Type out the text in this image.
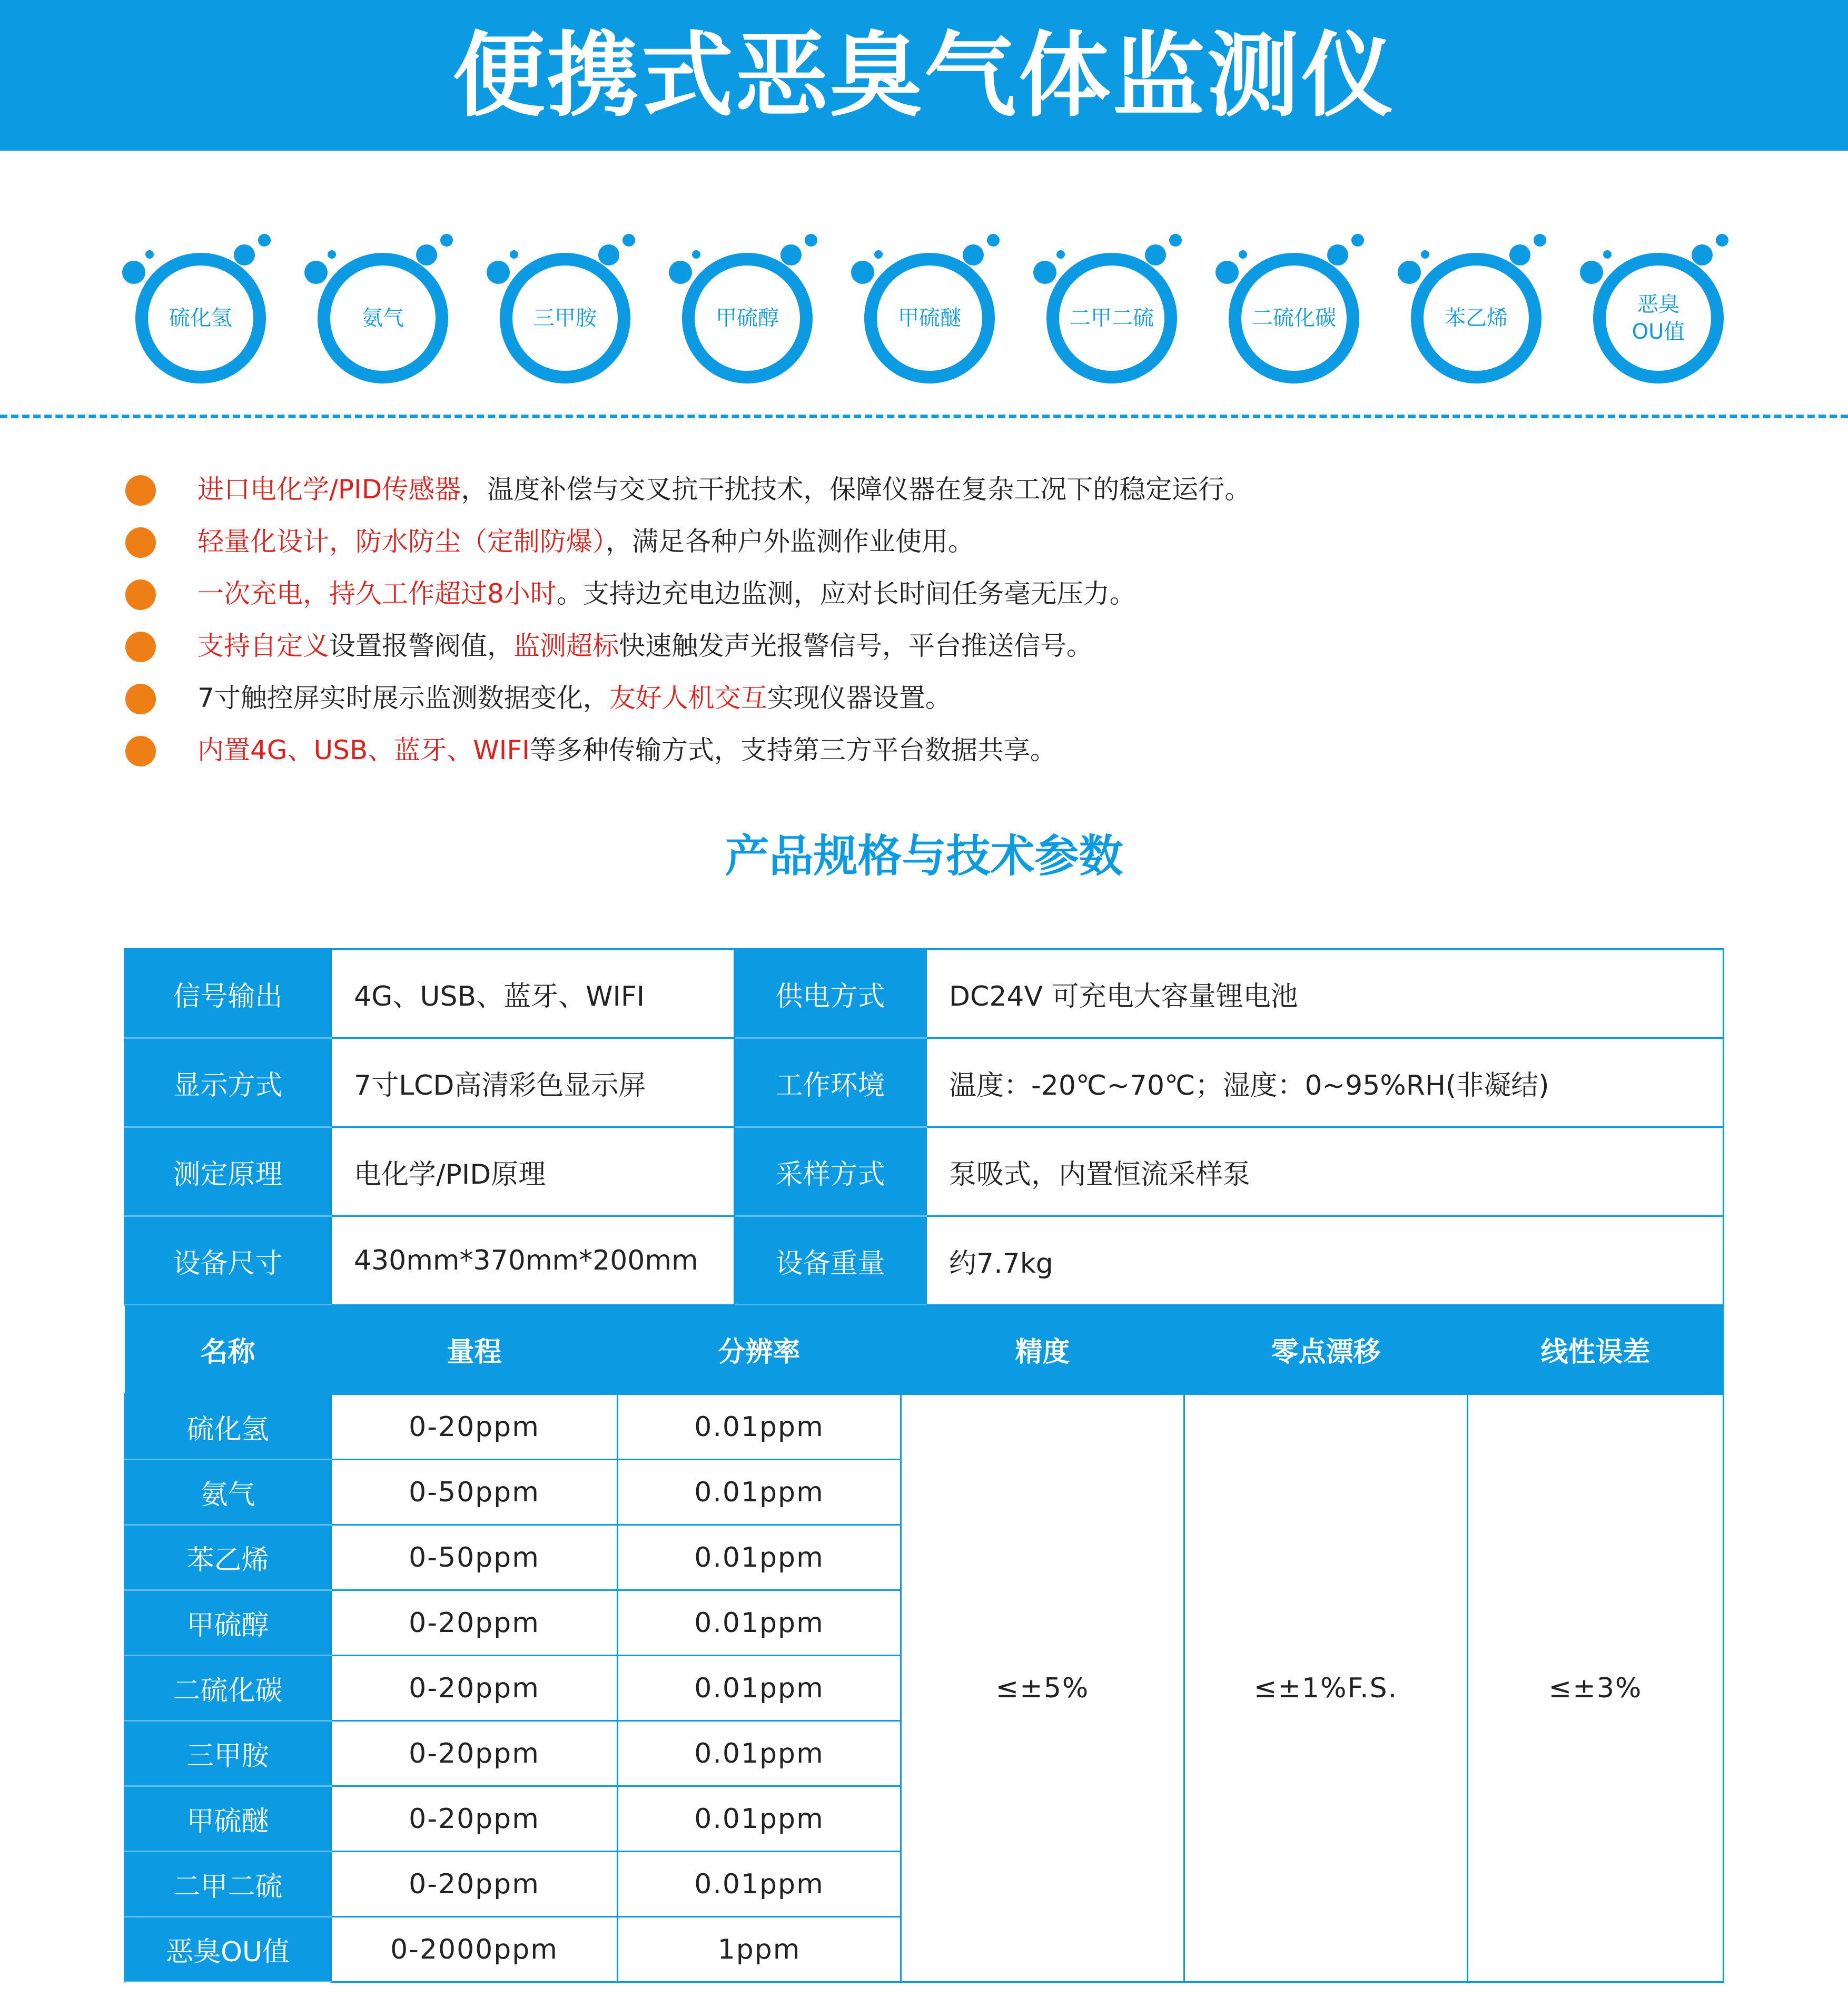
便携式恶臭气体监测仪
硫化氢	氨气	三甲胺	甲硫醇	甲硫醚	二甲二硫	二硫化碳	苯乙烯
恶臭
OU值
进口电化学/PID传感器，温度补偿与交叉抗干扰技术，保障仪器在复杂工况下的稳定运行。
轻量化设计，防水防尘（定制防爆），满足各种户外监测作业使用。
一次充电，持久工作超过8小时。支持边充电边监测，应对长时间任务毫无压力。
支持自定义设置报警阀值，监测超标快速触发声光报警信号，平台推送信号。
7寸触控屏实时展示监测数据变化，友好人机交互实现仪器设置。
内置4G、USB、蓝牙、WIFI等多种传输方式，支持第三方平台数据共享。
产品规格与技术参数
信号输出	4G、USB、蓝牙、WIFI	供电方式	DC24V 可充电大容量锂电池
显示方式	7寸LCD高清彩色显示屏	工作环境	温度：-20℃~70℃；湿度：0~95%RH(非凝结)
测定原理	电化学/PID原理	采样方式	泵吸式，内置恒流采样泵
设备尺寸	430mm*370mm*200mm	设备重量	约7.7kg
名称	量程	分辨率	精度	零点漂移	线性误差
硫化氢	0-20ppm	0.01ppm	≤±5%	≤±1%F.S.	≤±3%
氨气	0-50ppm	0.01ppm			
苯乙烯	0-50ppm	0.01ppm			
甲硫醇	0-20ppm	0.01ppm			
二硫化碳	0-20ppm	0.01ppm			
三甲胺	0-20ppm	0.01ppm			
甲硫醚	0-20ppm	0.01ppm			
二甲二硫	0-20ppm	0.01ppm			
恶臭OU值	0-2000ppm	1ppm			
